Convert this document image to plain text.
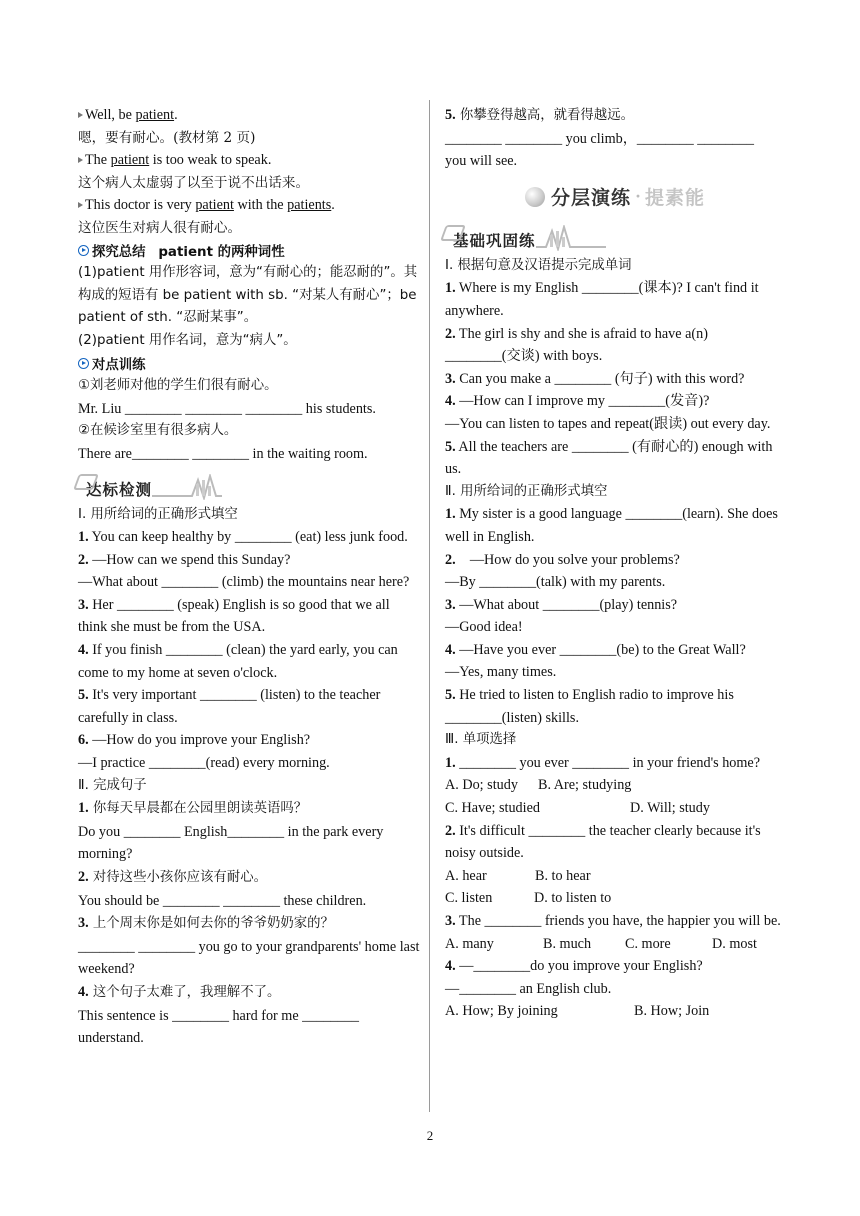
Well, be patient.
嗯，要有耐心。(教材第 2 页)
The patient is too weak to speak.
这个病人太虚弱了以至于说不出话来。
This doctor is very patient with the patients.
这位医生对病人很有耐心。
探究总结
patient 的两种词性
(1)patient 用作形容词，意为“有耐心的；能忍耐的”。其构成的短语有 be patient with sb. “对某人有耐心”；be patient of sth. “忍耐某事”。
(2)patient 用作名词，意为“病人”。
对点训练
①刘老师对他的学生们很有耐心。
Mr. Liu ________ ________ ________ his students.
②在候诊室里有很多病人。
There are________ ________ in the waiting room.
达标检测
Ⅰ. 用所给词的正确形式填空
1. You can keep healthy by ________ (eat) less junk food.
2. —How can we spend this Sunday?
—What about ________ (climb) the mountains near here?
3. Her ________ (speak) English is so good that we all think she must be from the USA.
4. If you finish ________ (clean) the yard early, you can come to my home at seven o'clock.
5. It's very important ________ (listen) to the teacher carefully in class.
6. —How do you improve your English?
—I practice ________(read) every morning.
Ⅱ. 完成句子
1. 你每天早晨都在公园里朗读英语吗？
Do you ________ English________ in the park every morning?
2. 对待这些小孩你应该有耐心。
You should be ________ ________ these children.
3. 上个周末你是如何去你的爷爷奶奶家的？
________ ________ you go to your grandparents' home last weekend?
4. 这个句子太难了，我理解不了。
This sentence is ________ hard for me ________ understand.
5. 你攀登得越高，就看得越远。
________ ________ you climb，________ ________
you will see.
分层演练 · 提素能
基础巩固练
Ⅰ. 根据句意及汉语提示完成单词
1. Where is my English ________(课本)? I can't find it anywhere.
2. The girl is shy and she is afraid to have a(n) ________(交谈) with boys.
3. Can you make a ________ (句子) with this word?
4. —How can I improve my ________(发音)?
—You can listen to tapes and repeat(跟读) out every day.
5. All the teachers are ________ (有耐心的) enough with us.
Ⅱ. 用所给词的正确形式填空
1. My sister is a good language ________(learn). She does well in English.
2.　—How do you solve your problems?
—By ________(talk) with my parents.
3. —What about ________(play) tennis?
—Good idea!
4. —Have you ever ________(be) to the Great Wall?
—Yes, many times.
5. He tried to listen to English radio to improve his ________(listen) skills.
Ⅲ. 单项选择
1. ________ you ever ________ in your friend's home?
A. Do; study	B. Are; studying
C. Have; studied	D. Will; study
2. It's difficult ________ the teacher clearly because it's noisy outside.
A. hear	B. to hear
C. listen	D. to listen to
3. The ________ friends you have, the happier you will be.
A. many	B. much	C. more	D. most
4. —________do you improve your English?
—________ an English club.
A. How; By joining	B. How; Join
2
